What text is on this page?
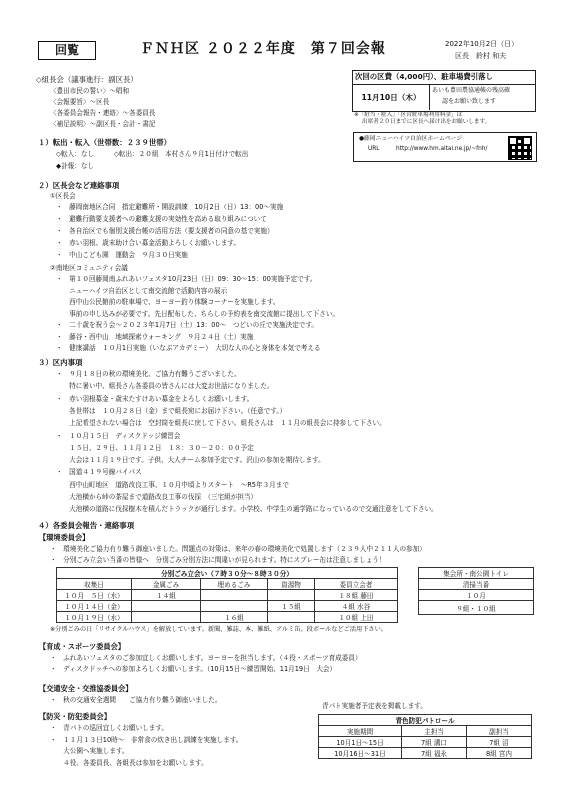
回覧	ＦＮＨ区 ２０２２年度　第７回会報	2022年10月2日（日）
区長　鈴村 和夫
次回の区費（4,000円）、駐車場費引落し
11月10日（木）
あいも豊田農協通帳の残高確
認をお願い致します
※「駐当・駐入」「区営駐車場利用料金」は
出席者２０日までに区長へ届け出をお願いします。
●藤岡ニューハイツ自治区ホームページ
URL	http://www.hm.aitai.ne.jp/~fnh/
◇組長会（議事進行：副区長）
〈豊田市民の誓い〉～唱和
〈会報要旨〉～区長
〈各委員会報告・連絡〉～各委員長
〈補足説明〉～副区長・会計・書記
１）転出・転入（世帯数：２３９世帯）
◇転入：なし　　　◇転出：２０組　本村さん９月1日付けで転出
◆訃報：なし
２）区長会など連絡事項
①区長会
・　藤岡南地区合同　指定避難所・開設訓練　10月2日（日）13：00～実施
・　避難行動要支援者への避難支援の実効性を高める取り組みについて
・　各自治区でも個別支援台帳の活用方法（要支援者の同意の基で実施）
・　赤い羽根、歳末助け合い募金活動よろしくお願いします。
・　中山こども園　運動会　９月３０日実施
②南地区コミュニティ会議
・　第１０回藤岡南ふれあいフェスタ10月23日（日）09：30～15：00実施予定です。
　　ニューハイツ自治区として南交流館で活動内容の展示
　　西中山公民館前の駐車場で、ヨーヨー釣り体験コーナーを実施します。
　　事前の申し込みが必要です。先日配布した、ちらしの予約表を南交流館に提出して下さい。
・　二十歳を祝う会～２０２３年1月7日（土）13：00～　つどいの丘で実施決定です。
・　藤谷・西中山　地域探索ウォーキング　９月２４日（土）実施
・　健康講話　１０月1日実施（いなぶアカデミー）　大切な人の心と身体を本気で考える
３）区内事項
・　９月１８日の秋の環境美化、ご協力有難うございました。
　　特に暑い中、組長さん各委員の皆さんには大変お世話になりました。
・　赤い羽根募金・歳末たすけあい募金をよろしくお願いします。
　　各世帯は　１０月２８日（金）まで組長宛にお届け下さい。（任意です。）
　　上記希望されない場合は　空封筒を組長に戻して下さい。組長さんは　１１月の組長会に持参して下さい。
・　１０月１５日　ディスクドッジ練習会
　　１５日、２９日、１１月１２日　１８：３０－２０：００予定
　　大会は１１月１９日です。子供、大人チーム参加予定です。沢山の参加を期待します。
・　国道４１９号線バイパス
　　西中山町地区　道路改良工事、１０月中頃よりスタート　～R5年３月まで
　　大池横から峠の茶屋まで道路改良工事の伐採　（三宅組が担当）
　　大池横の道路に伐採樹木を積んだトラックが通行します。小学校、中学生の通学路になっているので交通注意をして下さい。
４）各委員会報告・連絡事項
【環境委員会】
・　環境美化ご協力有り難う御座いました。問題点の対策は、来年の春の環境美化で処置します（２３９人中２１１人の参加）
・　分別ごみ立会い当番の皆様へ　分別ごみ分別方法に間違いが見られます。特にスプレー缶は注意しましょう！
分別ごみ立会い（７時３０分～８時３０分）				
収集日	金属ごみ	埋めるごみ	資源物	委員立会者
１０月　５日（水）	１４組			１８組 藤田
１０月１４日（金）			１５組	４組 水谷
１０月１９日（水）		１６組		１０組 上田
集会所・南公園トイレ
清掃当番
１０月
９組・１０組
※分別ごみの日「リサイクルハウス」を解放しています。新聞、雑誌、本、雑紙、アルミ缶、段ボールなどご活用下さい。
【育成・スポーツ委員会】
・　ふれあいフェスタのご参加宜しくお願いします。ヨーヨーを担当します。（４役・スポーツ育成委員）
・　ディスクドッチへの参加よろしくお願いします。（10月15日～練習開始、11月19日　大会）
【交通安全・交推協委員会】
・　秋の交通安全週間　　ご協力有り難う御座いました。
【防災・防犯委員会】
・　青パトの巡回宜しくお願いします。
・　１１月１３日10時～　非常食の炊き出し訓練を実施します。
　　大公園へ実施します。
　　４役、各委員長、各組長は参加をお願いします。
青パト実施者予定表を掲載します。
青色防犯パトロール		
実施期間	主担当	副担当
10月1日～15日	7組 溝口	7組 沼
10月16日～31日	7組 福永	8組 宮内
